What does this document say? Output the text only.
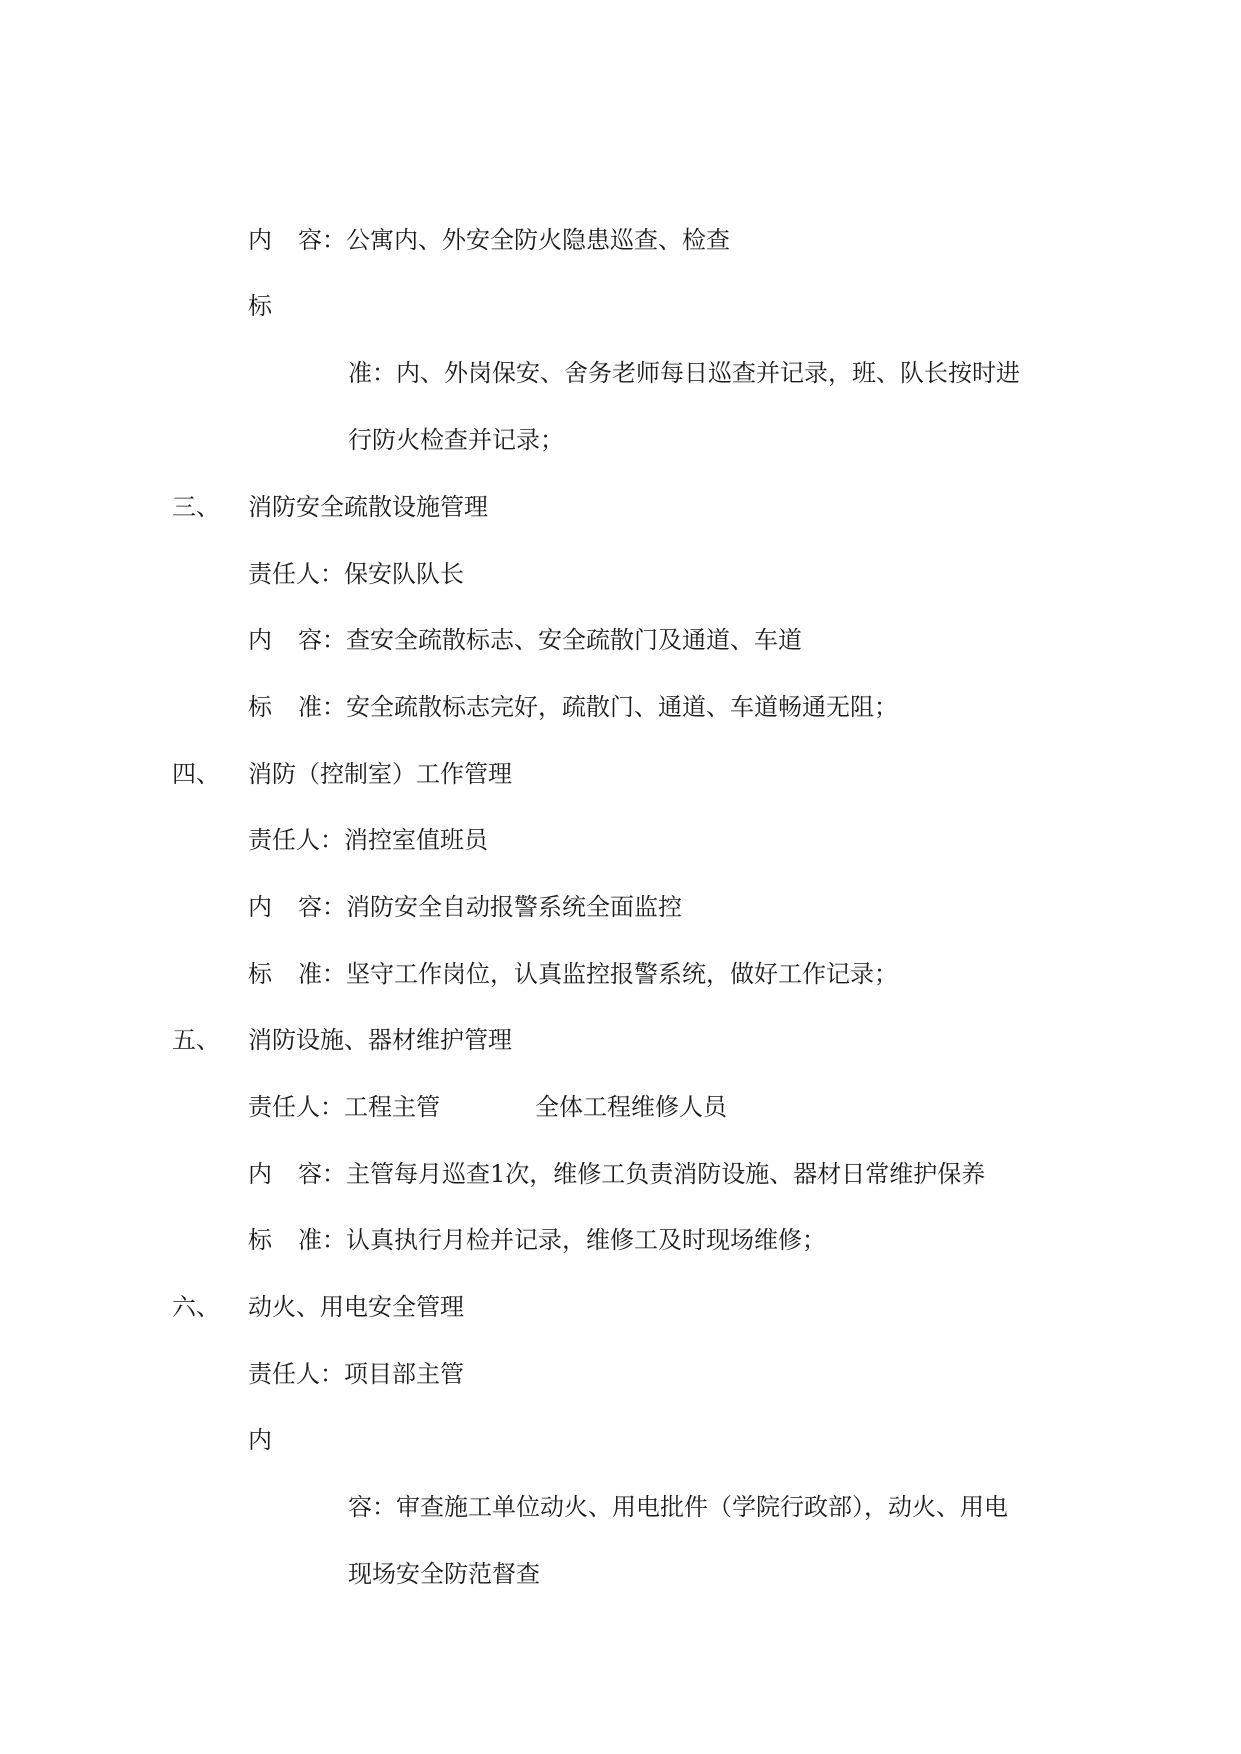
内 容：公寓内、外安全防火隐患巡查、检查
标
准：内、外岗保安、舍务老师每日巡查并记录，班、队长按时进
行防火检查并记录；
三、 消防安全疏散设施管理
责任人：保安队队长
内 容：查安全疏散标志、安全疏散门及通道、车道
标 准：安全疏散标志完好，疏散门、通道、车道畅通无阻；
四、 消防（控制室）工作管理
责任人：消控室值班员
内 容：消防安全自动报警系统全面监控
标 准：坚守工作岗位，认真监控报警系统，做好工作记录；
五、 消防设施、器材维护管理
责任人：工程主管	全体工程维修人员
内 容：主管每月巡查1次，维修工负责消防设施、器材日常维护保养
标 准：认真执行月检并记录，维修工及时现场维修；
六、 动火、用电安全管理
责任人：项目部主管
内
容：审查施工单位动火、用电批件（学院行政部），动火、用电
现场安全防范督查
